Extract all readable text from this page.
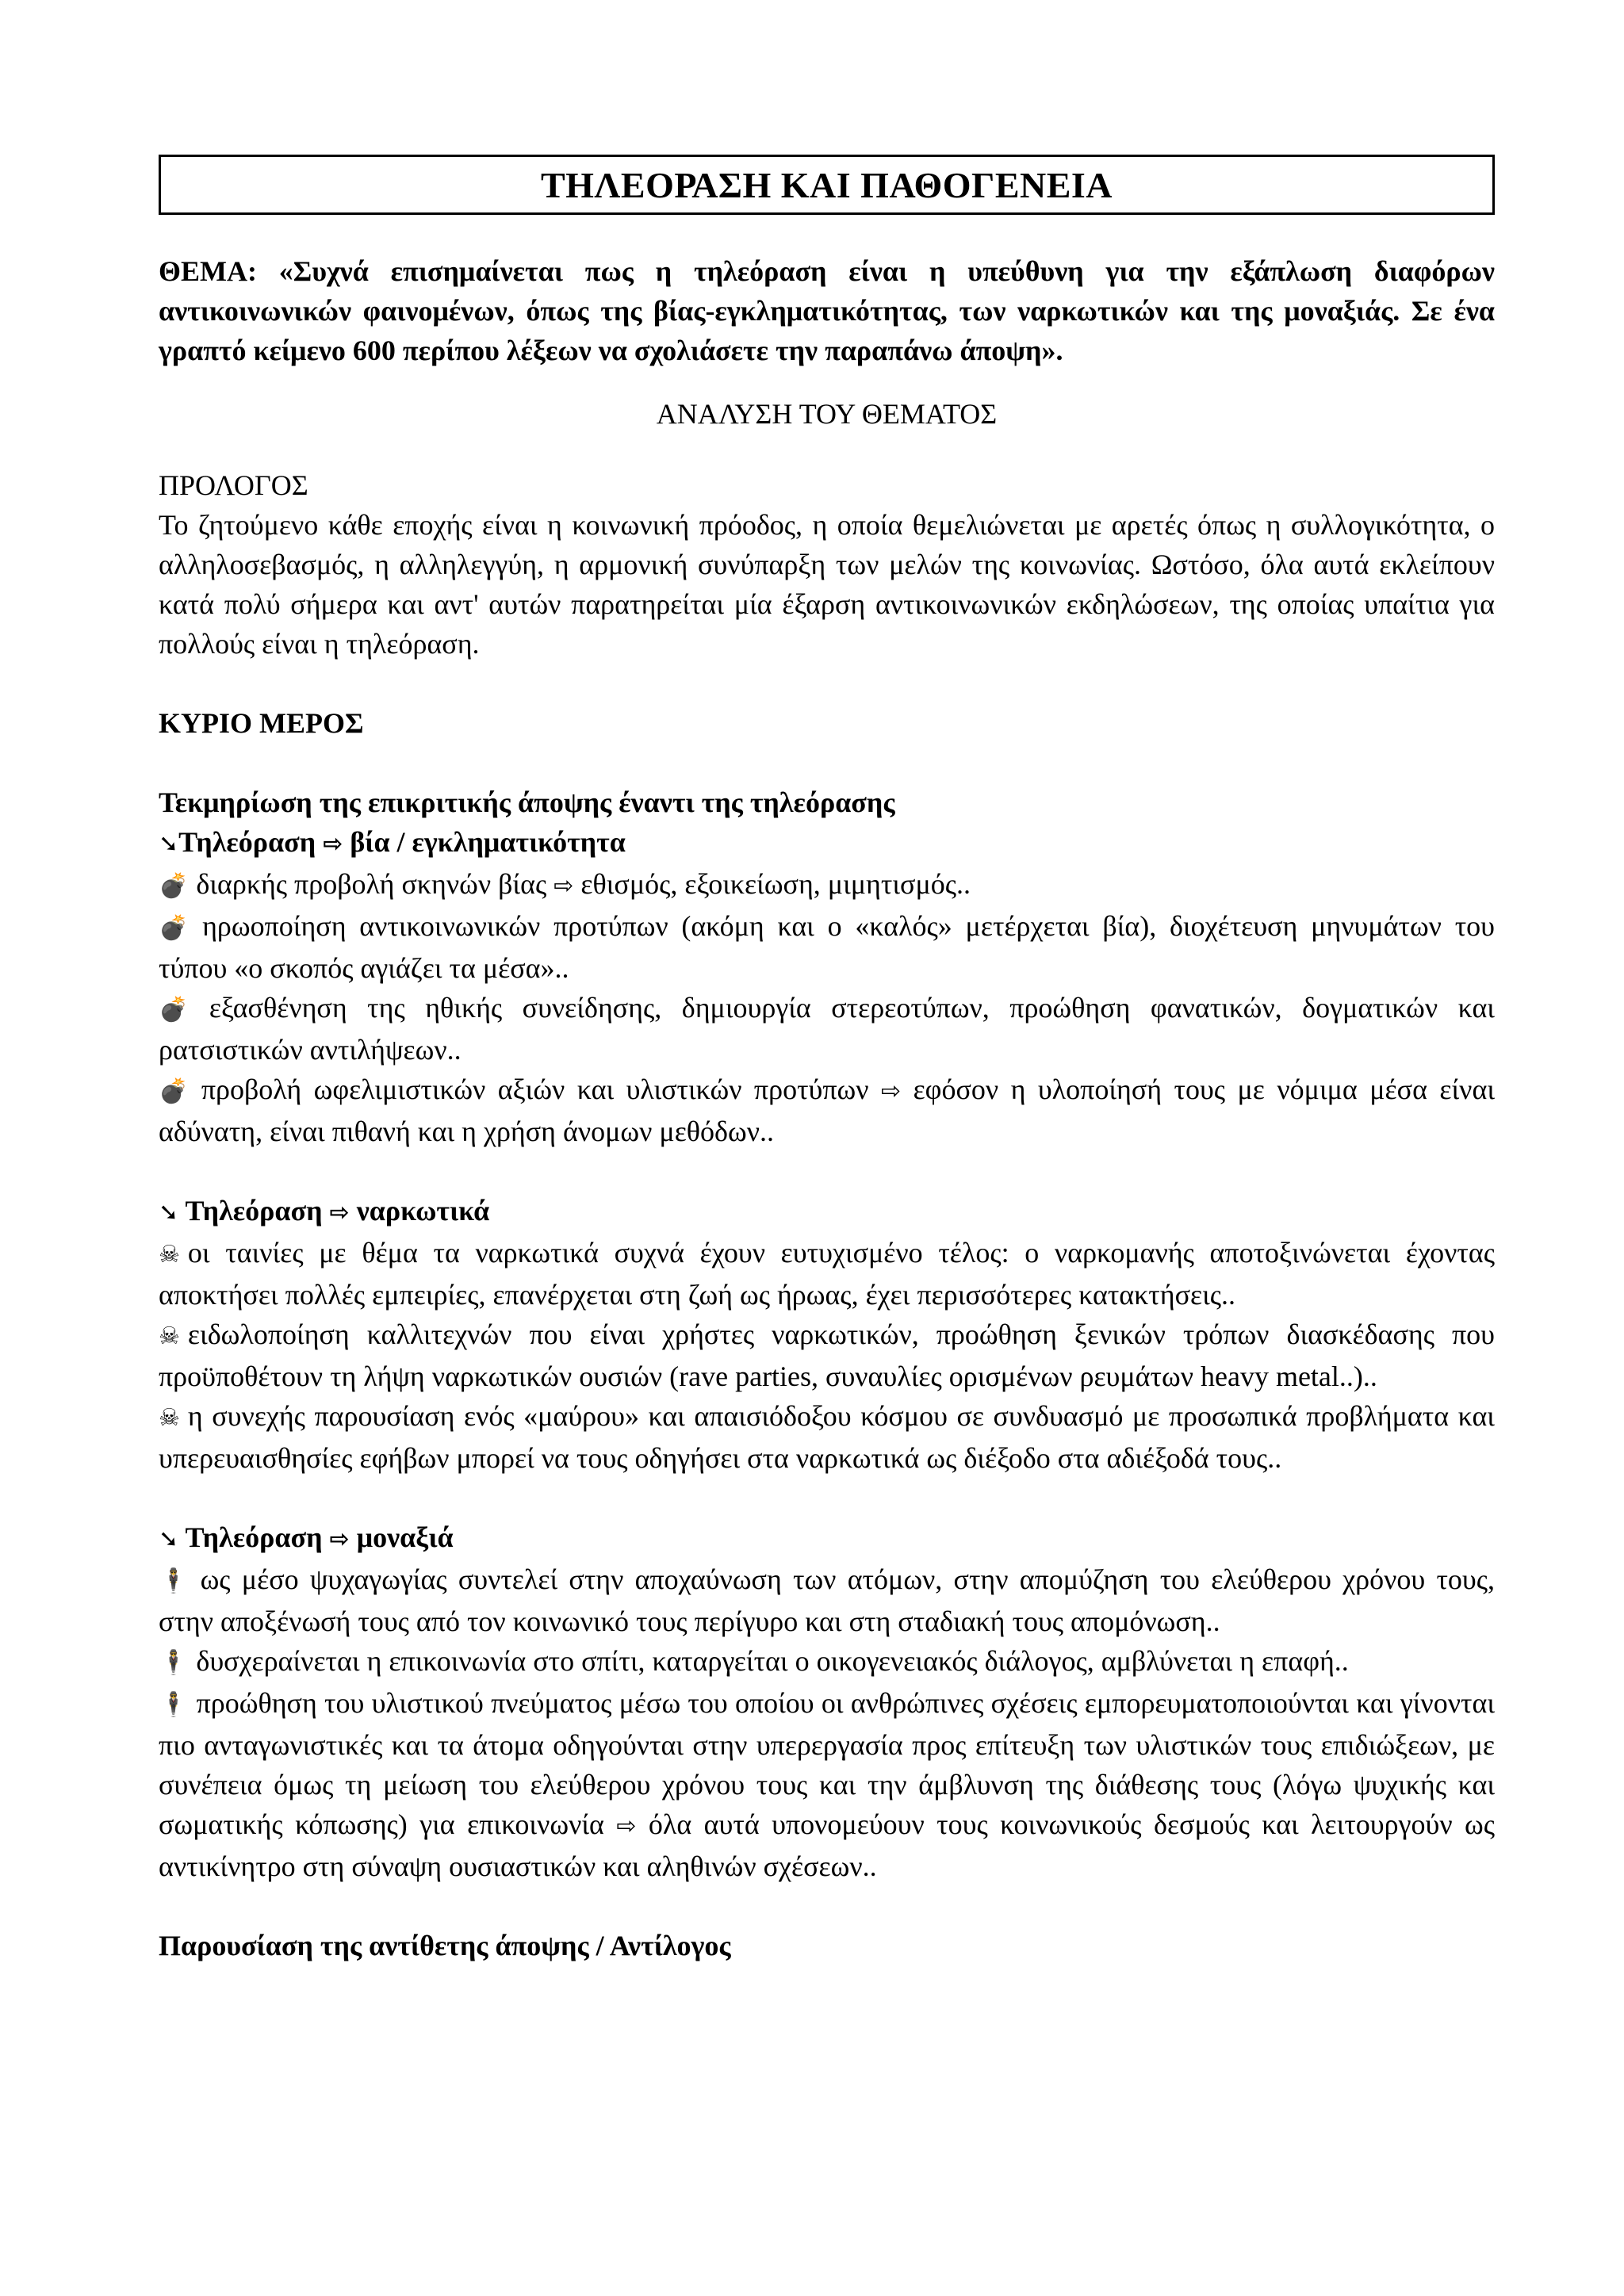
ΤΗΛΕΟΡΑΣΗ ΚΑΙ ΠΑΘΟΓΕΝΕΙΑ

ΘΕΜΑ: «Συχνά επισημαίνεται πως η τηλεόραση είναι η υπεύθυνη για την εξάπλωση διαφόρων αντικοινωνικών φαινομένων, όπως της βίας-εγκληματικότητας, των ναρκωτικών και της μοναξιάς. Σε ένα γραπτό κείμενο 600 περίπου λέξεων να σχολιάσετε την παραπάνω άποψη».

ΑΝΑΛΥΣΗ ΤΟΥ ΘΕΜΑΤΟΣ

ΠΡΟΛΟΓΟΣ

Το ζητούμενο κάθε εποχής είναι η κοινωνική πρόοδος, η οποία θεμελιώνεται με αρετές όπως η συλλογικότητα, ο αλληλοσεβασμός, η αλληλεγγύη, η αρμονική συνύπαρξη των μελών της κοινωνίας. Ωστόσο, όλα αυτά εκλείπουν κατά πολύ σήμερα και αντ' αυτών παρατηρείται μία έξαρση αντικοινωνικών εκδηλώσεων, της οποίας υπαίτια για πολλούς είναι η τηλεόραση.

ΚΥΡΙΟ ΜΕΡΟΣ

Τεκμηρίωση της επικριτικής άποψης έναντι της τηλεόρασης

➘Τηλεόραση ⇨ βία / εγκληματικότητα

💣 διαρκής προβολή σκηνών βίας ⇨ εθισμός, εξοικείωση, μιμητισμός..

💣 ηρωοποίηση αντικοινωνικών προτύπων (ακόμη και ο «καλός» μετέρχεται βία), διοχέτευση μηνυμάτων του τύπου «ο σκοπός αγιάζει τα μέσα»..

💣 εξασθένηση της ηθικής συνείδησης, δημιουργία στερεοτύπων, προώθηση φανατικών, δογματικών και ρατσιστικών αντιλήψεων..

💣 προβολή ωφελιμιστικών αξιών και υλιστικών προτύπων ⇨ εφόσον η υλοποίησή τους με νόμιμα μέσα είναι αδύνατη, είναι πιθανή και η χρήση άνομων μεθόδων..

➘ Τηλεόραση ⇨ ναρκωτικά

☠ οι ταινίες με θέμα τα ναρκωτικά συχνά έχουν ευτυχισμένο τέλος: ο ναρκομανής αποτοξινώνεται έχοντας αποκτήσει πολλές εμπειρίες, επανέρχεται στη ζωή ως ήρωας, έχει περισσότερες κατακτήσεις..

☠ ειδωλοποίηση καλλιτεχνών που είναι χρήστες ναρκωτικών, προώθηση ξενικών τρόπων διασκέδασης που προϋποθέτουν τη λήψη ναρκωτικών ουσιών (rave parties, συναυλίες ορισμένων ρευμάτων heavy metal..)..

☠ η συνεχής παρουσίαση ενός «μαύρου» και απαισιόδοξου κόσμου σε συνδυασμό με προσωπικά προβλήματα και υπερευαισθησίες εφήβων μπορεί να τους οδηγήσει στα ναρκωτικά ως διέξοδο στα αδιέξοδά τους..

➘ Τηλεόραση ⇨ μοναξιά

🕴 ως μέσο ψυχαγωγίας συντελεί στην αποχαύνωση των ατόμων, στην απομύζηση του ελεύθερου χρόνου τους, στην αποξένωσή τους από τον κοινωνικό τους περίγυρο και στη σταδιακή τους απομόνωση..

🕴 δυσχεραίνεται η επικοινωνία στο σπίτι, καταργείται ο οικογενειακός διάλογος, αμβλύνεται η επαφή..

🕴 προώθηση του υλιστικού πνεύματος μέσω του οποίου οι ανθρώπινες σχέσεις εμπορευματοποιούνται και γίνονται πιο ανταγωνιστικές και τα άτομα οδηγούνται στην υπερεργασία προς επίτευξη των υλιστικών τους επιδιώξεων, με συνέπεια όμως τη μείωση του ελεύθερου χρόνου τους και την άμβλυνση της διάθεσης τους (λόγω ψυχικής και σωματικής κόπωσης) για επικοινωνία ⇨ όλα αυτά υπονομεύουν τους κοινωνικούς δεσμούς και λειτουργούν ως αντικίνητρο στη σύναψη ουσιαστικών και αληθινών σχέσεων..

Παρουσίαση της αντίθετης άποψης / Αντίλογος
